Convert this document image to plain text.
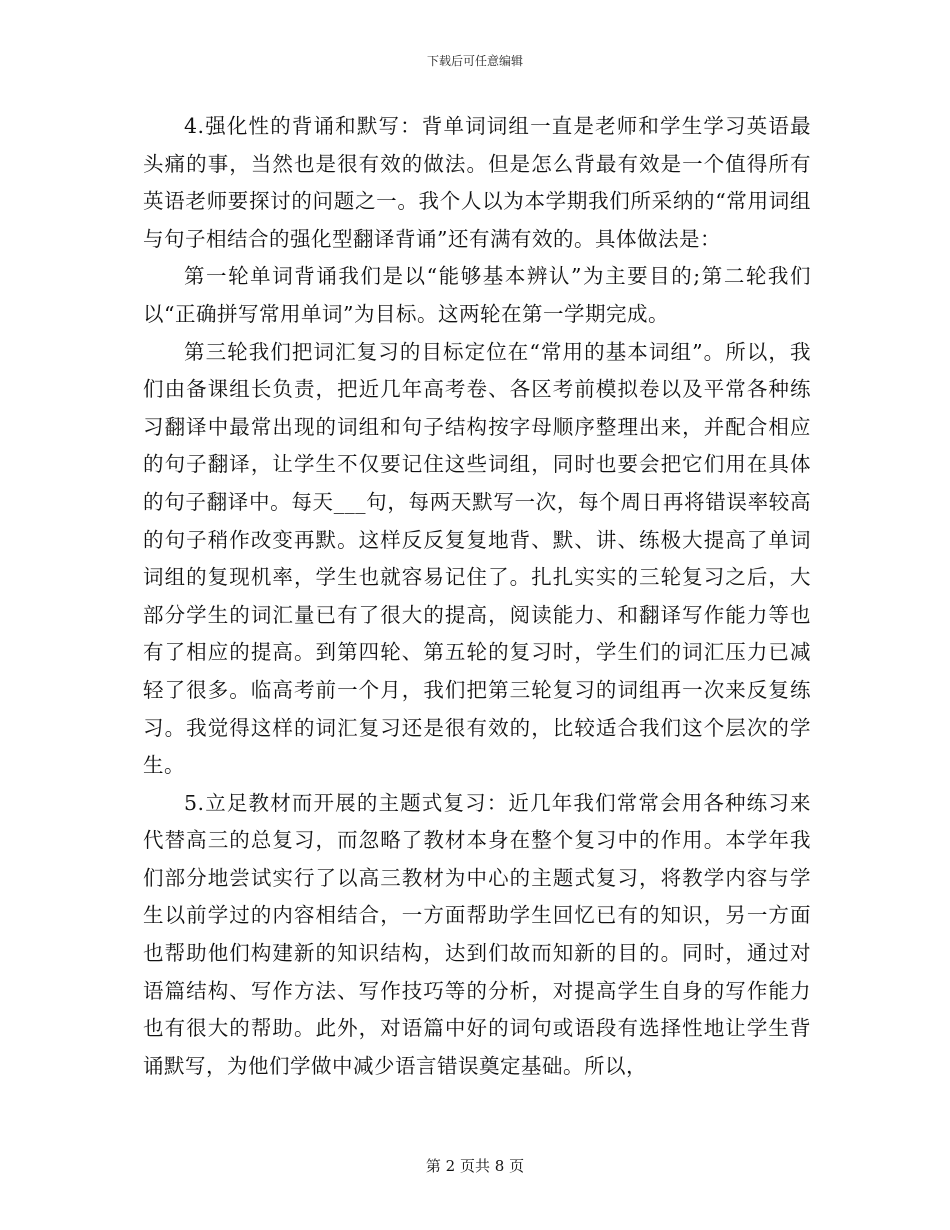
下载后可任意编辑

4.强化性的背诵和默写：背单词词组一直是老师和学生学习英语最头痛的事，当然也是很有效的做法。但是怎么背最有效是一个值得所有英语老师要探讨的问题之一。我个人以为本学期我们所采纳的“常用词组与句子相结合的强化型翻译背诵”还有满有效的。具体做法是：

第一轮单词背诵我们是以“能够基本辨认”为主要目的;第二轮我们以“正确拼写常用单词”为目标。这两轮在第一学期完成。

第三轮我们把词汇复习的目标定位在“常用的基本词组”。所以，我们由备课组长负责，把近几年高考卷、各区考前模拟卷以及平常各种练习翻译中最常出现的词组和句子结构按字母顺序整理出来，并配合相应的句子翻译，让学生不仅要记住这些词组，同时也要会把它们用在具体的句子翻译中。每天___句，每两天默写一次，每个周日再将错误率较高的句子稍作改变再默。这样反反复复地背、默、讲、练极大提高了单词词组的复现机率，学生也就容易记住了。扎扎实实的三轮复习之后，大部分学生的词汇量已有了很大的提高，阅读能力、和翻译写作能力等也有了相应的提高。到第四轮、第五轮的复习时，学生们的词汇压力已减轻了很多。临高考前一个月，我们把第三轮复习的词组再一次来反复练习。我觉得这样的词汇复习还是很有效的，比较适合我们这个层次的学生。

5.立足教材而开展的主题式复习：近几年我们常常会用各种练习来代替高三的总复习，而忽略了教材本身在整个复习中的作用。本学年我们部分地尝试实行了以高三教材为中心的主题式复习，将教学内容与学生以前学过的内容相结合，一方面帮助学生回忆已有的知识，另一方面也帮助他们构建新的知识结构，达到们故而知新的目的。同时，通过对语篇结构、写作方法、写作技巧等的分析，对提高学生自身的写作能力也有很大的帮助。此外，对语篇中好的词句或语段有选择性地让学生背诵默写，为他们学做中减少语言错误奠定基础。所以，

第 2 页共 8 页
